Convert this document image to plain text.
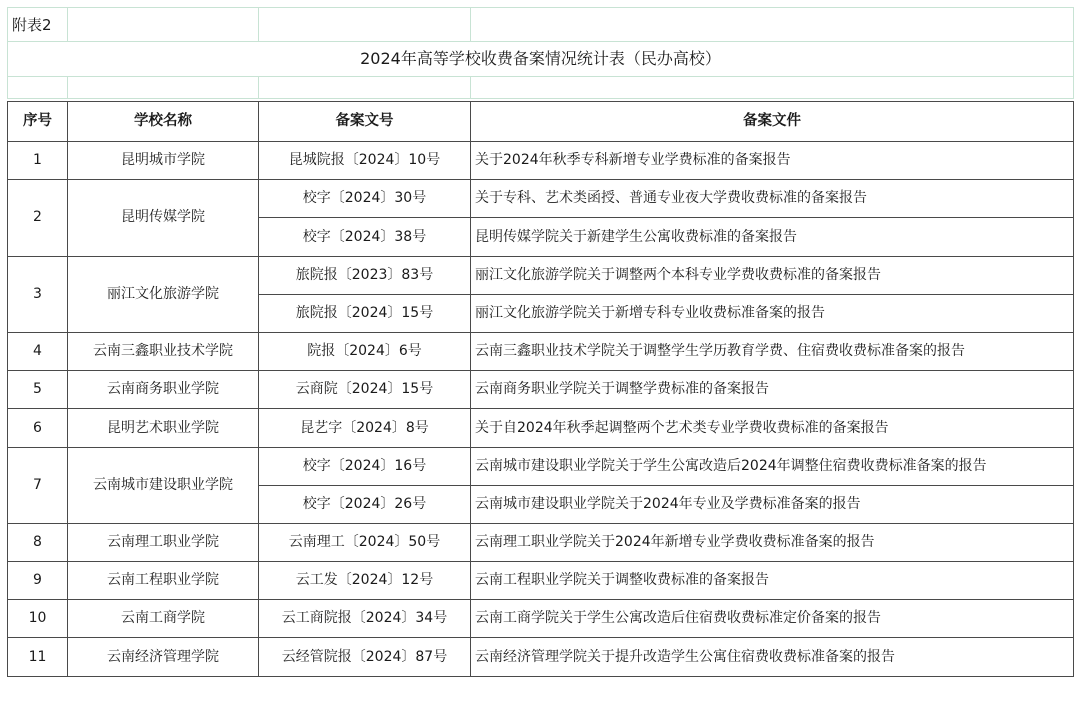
附表2			
2024年高等学校收费备案情况统计表（民办高校）			

序号	学校名称	备案文号	备案文件
1	昆明城市学院	昆城院报〔2024〕10号	关于2024年秋季专科新增专业学费标准的备案报告
2	昆明传媒学院	校字〔2024〕30号	关于专科、艺术类函授、普通专业夜大学费收费标准的备案报告
		校字〔2024〕38号	昆明传媒学院关于新建学生公寓收费标准的备案报告
3	丽江文化旅游学院	旅院报〔2023〕83号	丽江文化旅游学院关于调整两个本科专业学费收费标准的备案报告
		旅院报〔2024〕15号	丽江文化旅游学院关于新增专科专业收费标准备案的报告
4	云南三鑫职业技术学院	院报〔2024〕6号	云南三鑫职业技术学院关于调整学生学历教育学费、住宿费收费标准备案的报告
5	云南商务职业学院	云商院〔2024〕15号	云南商务职业学院关于调整学费标准的备案报告
6	昆明艺术职业学院	昆艺字〔2024〕8号	关于自2024年秋季起调整两个艺术类专业学费收费标准的备案报告
7	云南城市建设职业学院	校字〔2024〕16号	云南城市建设职业学院关于学生公寓改造后2024年调整住宿费收费标准备案的报告
		校字〔2024〕26号	云南城市建设职业学院关于2024年专业及学费标准备案的报告
8	云南理工职业学院	云南理工〔2024〕50号	云南理工职业学院关于2024年新增专业学费收费标准备案的报告
9	云南工程职业学院	云工发〔2024〕12号	云南工程职业学院关于调整收费标准的备案报告
10	云南工商学院	云工商院报〔2024〕34号	云南工商学院关于学生公寓改造后住宿费收费标准定价备案的报告
11	云南经济管理学院	云经管院报〔2024〕87号	云南经济管理学院关于提升改造学生公寓住宿费收费标准备案的报告
